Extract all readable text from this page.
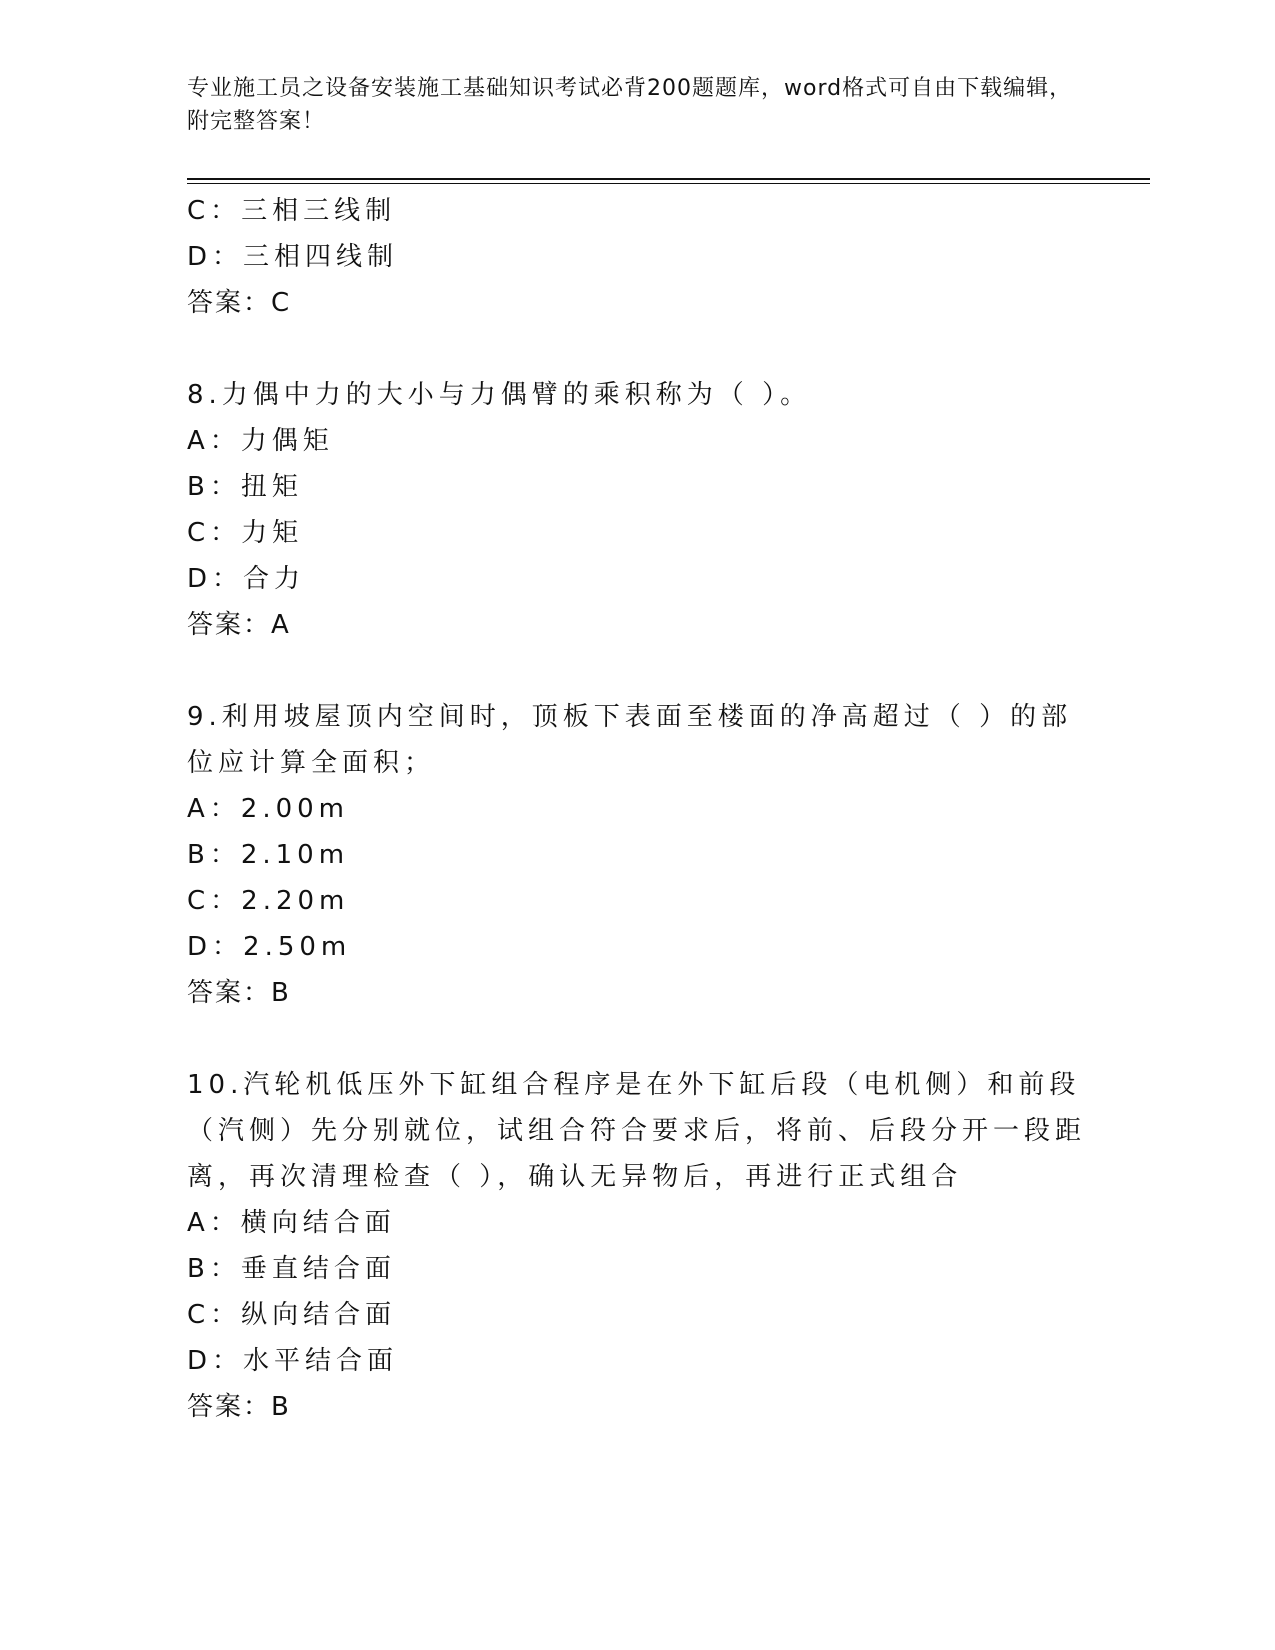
专业施工员之设备安装施工基础知识考试必背200题题库，word格式可自由下载编辑，附完整答案！
C：三相三线制
D：三相四线制
答案：C
8.力偶中力的大小与力偶臂的乘积称为（ ）。
A：力偶矩
B：扭矩
C：力矩
D：合力
答案：A
9.利用坡屋顶内空间时，顶板下表面至楼面的净高超过（ ）的部位应计算全面积；
A：2.00m
B：2.10m
C：2.20m
D：2.50m
答案：B
10.汽轮机低压外下缸组合程序是在外下缸后段（电机侧）和前段（汽侧）先分别就位，试组合符合要求后，将前、后段分开一段距离，再次清理检查（ ），确认无异物后，再进行正式组合
A：横向结合面
B：垂直结合面
C：纵向结合面
D：水平结合面
答案：B
